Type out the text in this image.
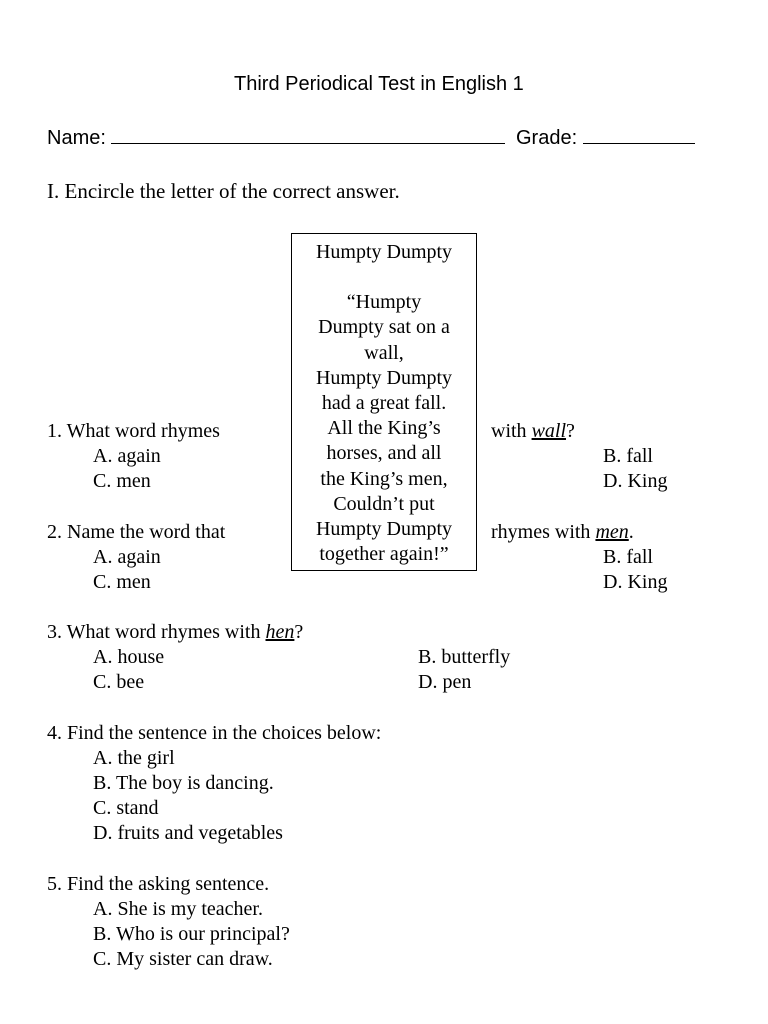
Third Periodical Test in English 1
Name:	Grade:
I. Encircle the letter of the correct answer.
Humpty Dumpty
“Humpty
Dumpty sat on a
wall,
Humpty Dumpty
had a great fall.
All the King’s
horses, and all
the King’s men,
Couldn’t put
Humpty Dumpty
together again!”
1. What word rhymes	with wall?
A. again	B. fall
C. men	D. King
2. Name the word that	rhymes with men.
A. again	B. fall
C. men	D. King
3. What word rhymes with hen?
A. house	B. butterfly
C. bee	D. pen
4. Find the sentence in the choices below:
A. the girl
B. The boy is dancing.
C. stand
D. fruits and vegetables
5. Find the asking sentence.
A. She is my teacher.
B. Who is our principal?
C. My sister can draw.
